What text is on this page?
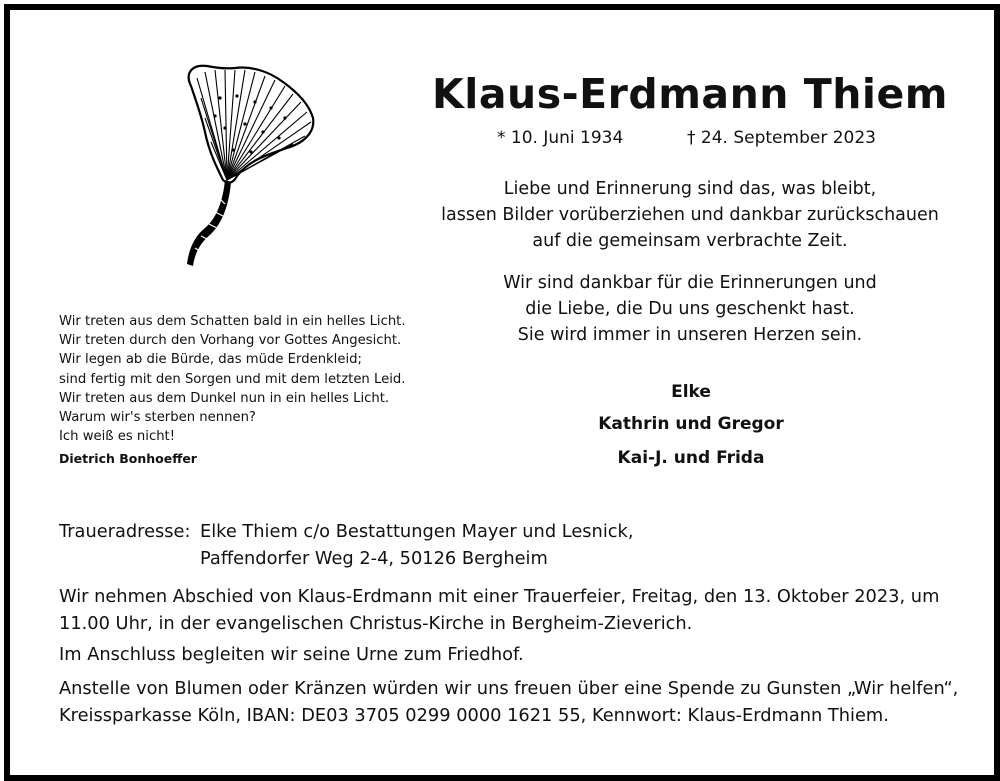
Klaus-Erdmann Thiem
* 10. Juni 1934	† 24. September 2023
Liebe und Erinnerung sind das, was bleibt,
lassen Bilder vorüberziehen und dankbar zurückschauen
auf die gemeinsam verbrachte Zeit.
Wir sind dankbar für die Erinnerungen und
die Liebe, die Du uns geschenkt hast.
Sie wird immer in unseren Herzen sein.
Elke
Kathrin und Gregor
Kai-J. und Frida
Wir treten aus dem Schatten bald in ein helles Licht.
Wir treten durch den Vorhang vor Gottes Angesicht.
Wir legen ab die Bürde, das müde Erdenkleid;
sind fertig mit den Sorgen und mit dem letzten Leid.
Wir treten aus dem Dunkel nun in ein helles Licht.
Warum wir's sterben nennen?
Ich weiß es nicht!
Dietrich Bonhoeffer
Traueradresse: Elke Thiem c/o Bestattungen Mayer und Lesnick,
Paffendorfer Weg 2-4, 50126 Bergheim
Wir nehmen Abschied von Klaus-Erdmann mit einer Trauerfeier, Freitag, den 13. Oktober 2023, um
11.00 Uhr, in der evangelischen Christus-Kirche in Bergheim-Zieverich.
Im Anschluss begleiten wir seine Urne zum Friedhof.
Anstelle von Blumen oder Kränzen würden wir uns freuen über eine Spende zu Gunsten „Wir helfen“,
Kreissparkasse Köln, IBAN: DE03 3705 0299 0000 1621 55, Kennwort: Klaus-Erdmann Thiem.
